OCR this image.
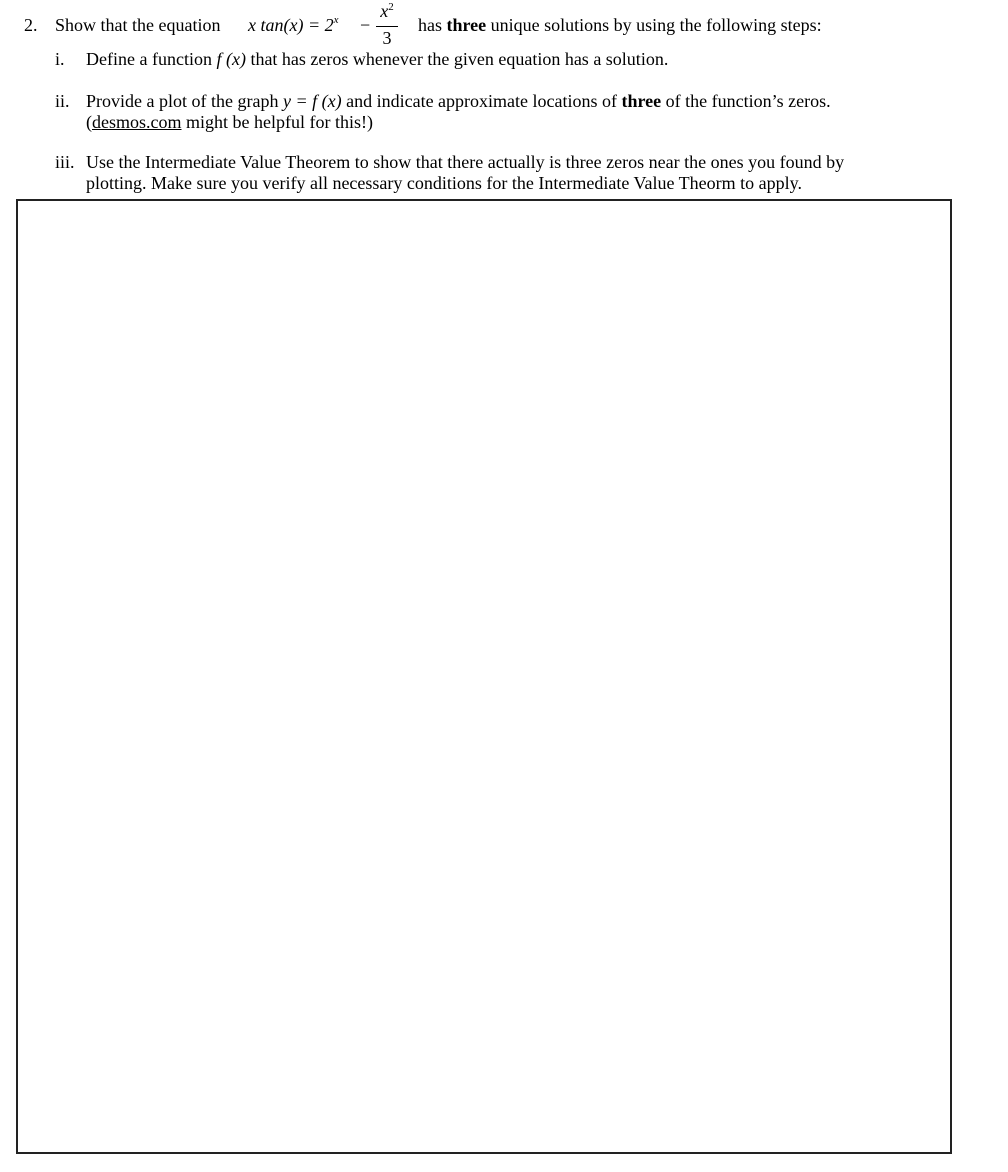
2. Show that the equation x $\tan(x) = 2^x$ −
$x^2$
3
has three unique solutions by using the following steps:
i. Define a function f (x) that has zeros whenever the given equation has a solution.
ii. Provide a plot of the graph y = f (x) and indicate approximate locations of three of the function’s zeros.
(desmos.com might be helpful for this!)
iii. Use the Intermediate Value Theorem to show that there actually is three zeros near the ones you found by
plotting. Make sure you verify all necessary conditions for the Intermediate Value Theorm to apply.
